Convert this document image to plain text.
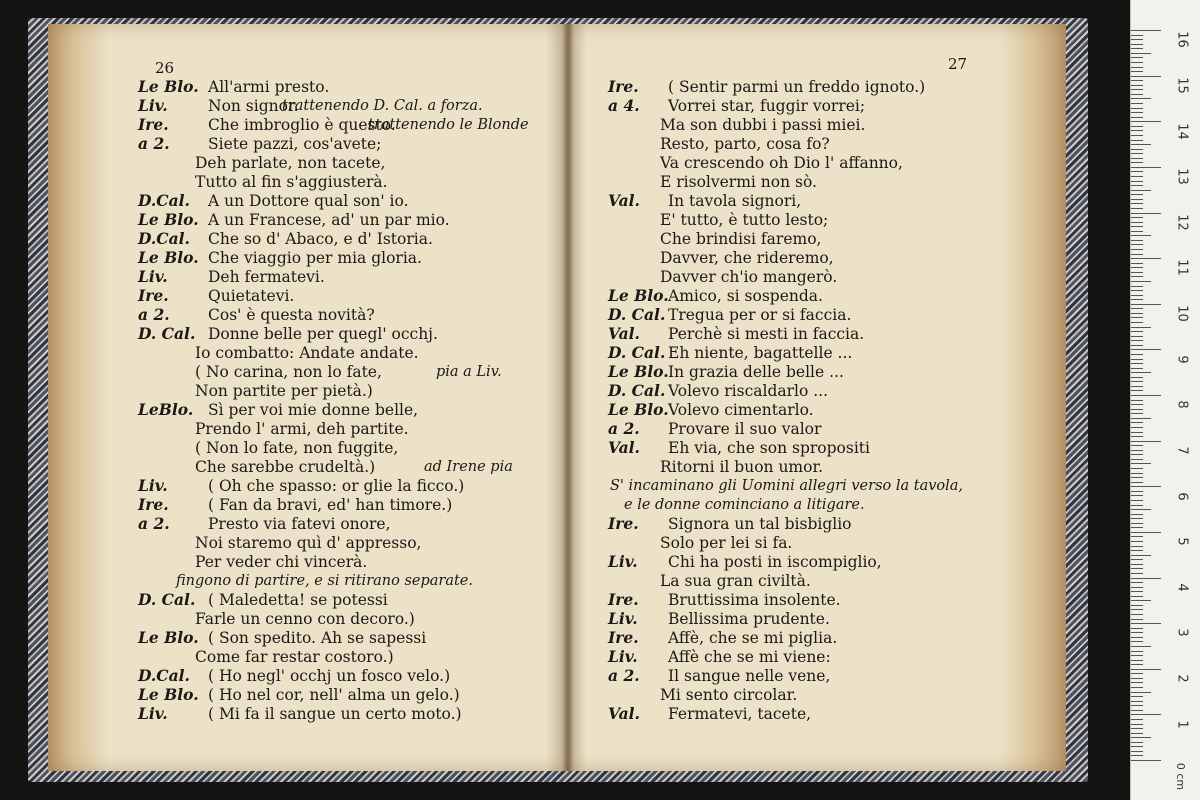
26
Le Blo. All'armi presto.
Liv.	Non signor.
trattenendo D. Cal. a forza.
Ire.	Che imbroglio è questo.
trattenendo le Blonde
a 2. Siete pazzi, cos'avete;
Deh parlate, non tacete,
Tutto al fin s'aggiusterà.
D.Cal. A un Dottore qual son' io.
Le Blo. A un Francese, ad' un par mio.
D.Cal. Che so d' Abaco, e d' Istoria.
Le Blo. Che viaggio per mia gloria.
Liv.	Deh fermatevi.
Ire.	Quietatevi.
a 2. Cos' è questa novità?
D. Cal. Donne belle per quegl' occhj.
Io combatto: Andate andate.
( No carina, non lo fate,	pia a Liv.
Non partite per pietà.)
LeBlo. Sì per voi mie donne belle,
Prendo l' armi, deh partite.
( Non lo fate, non fuggite,
Che sarebbe crudeltà.)	ad Irene pia
Liv.	( Oh che spasso: or glie la ficco.)
Ire.	( Fan da bravi, ed' han timore.)
a 2. Presto via fatevi onore,
Noi staremo quì d' appresso,
Per veder chi vincerà.
fingono di partire, e si ritirano separate.
D. Cal. ( Maledetta! se potessi
Farle un cenno con decoro.)
Le Blo. ( Son spedito. Ah se sapessi
Come far restar costoro.)
D.Cal. ( Ho negl' occhj un fosco velo.)
Le Blo. ( Ho nel cor, nell' alma un gelo.)
Liv.	( Mi fa il sangue un certo moto.)
27
Ire. ( Sentir parmi un freddo ignoto.)
a 4. Vorrei star, fuggir vorrei;
Ma son dubbi i passi miei.
Resto, parto, cosa fo?
Va crescendo oh Dio l' affanno,
E risolvermi non sò.
Val. In tavola signori,
E' tutto, è tutto lesto;
Che brindisi faremo,
Davver, che rideremo,
Davver ch'io mangerò.
Le Blo. Amico, si sospenda.
D. Cal. Tregua per or si faccia.
Val. Perchè si mesti in faccia.
D. Cal. Eh niente, bagattelle ...
Le Blo. In grazia delle belle ...
D. Cal. Volevo riscaldarlo ...
Le Blo. Volevo cimentarlo.
a 2. Provare il suo valor
Val. Eh via, che son spropositi
Ritorni il buon umor.
S' incaminano gli Uomini allegri verso la tavola,
e le donne cominciano a litigare.
Ire. Signora un tal bisbiglio
Solo per lei si fa.
Liv. Chi ha posti in iscompiglio,
La sua gran civiltà.
Ire. Bruttissima insolente.
Liv. Bellissima prudente.
Ire. Affè, che se mi piglia.
Liv. Affè che se mi viene:
a 2. Il sangue nelle vene,
Mi sento circolar.
Val. Fermatevi, tacete,
16
15
14
13
12
11
10
9
8
7
6
5
4
3
2
1
0 cm
